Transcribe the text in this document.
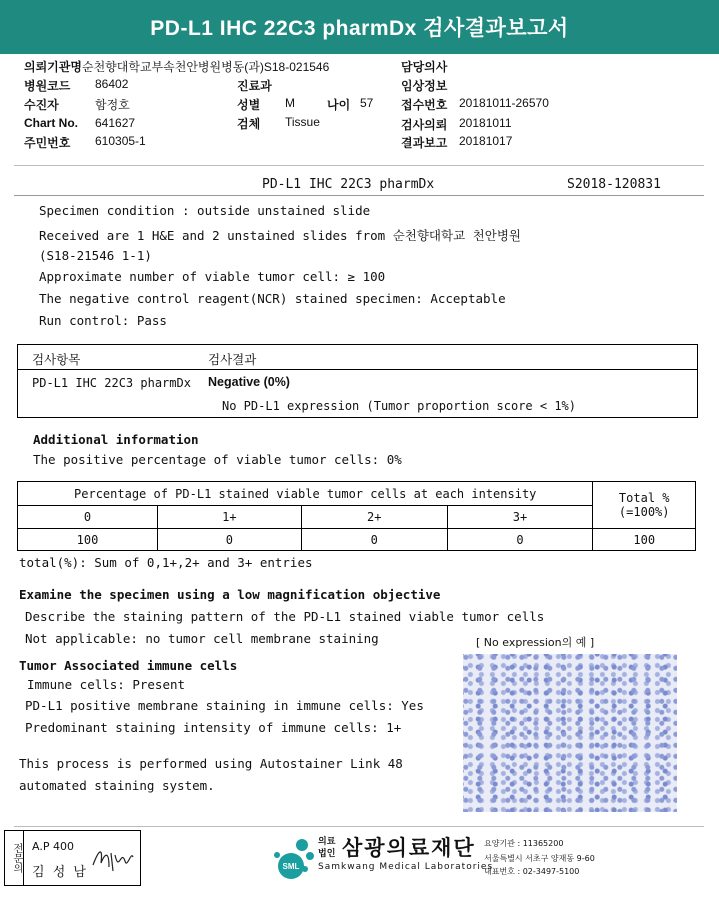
PD-L1 IHC 22C3 pharmDx 검사결과보고서
의뢰기관명 순천향대학교부속천안병원병동(과)S18-021546	담당의사
병원코드 86402	진료과	임상정보
수진자	함정호	성별 M	나이 57 접수번호 20181011-26570
Chart No. 641627	검체 Tissue	검사의뢰 20181011
주민번호 610305-1	결과보고 20181017
PD-L1 IHC 22C3 pharmDx	S2018-120831
Specimen condition : outside unstained slide
Received are 1 H&E and 2 unstained slides from 순천향대학교 천안병원
(S18-21546 1-1)
Approximate number of viable tumor cell: ≥ 100
The negative control reagent(NCR) stained specimen: Acceptable
Run control: Pass
검사항목	검사결과
PD-L1 IHC 22C3 pharmDx Negative (0%)
No PD-L1 expression (Tumor proportion score < 1%)
Additional information
The positive percentage of viable tumor cells: 0%
Percentage of PD-L1 stained viable tumor cells at each intensity				Total %
(=100%)

0	1+	2+	3+	
100	0	0	0	100
total(%): Sum of 0,1+,2+ and 3+ entries
Examine the specimen using a low magnification objective
Describe the staining pattern of the PD-L1 stained viable tumor cells
Not applicable: no tumor cell membrane staining
Tumor Associated immune cells
Immune cells: Present
PD-L1 positive membrane staining in immune cells: Yes
Predominant staining intensity of immune cells: 1+
This process is performed using Autostainer Link 48
automated staining system.
[ No expression의 예 ]
전문의 A.P 400
김 성 남	SML
의료
법인 삼광의료재단
Samkwang Medical Laboratories
요양기관 : 11365200
서울특별시 서초구 양재동 9-60
대표번호 : 02-3497-5100
